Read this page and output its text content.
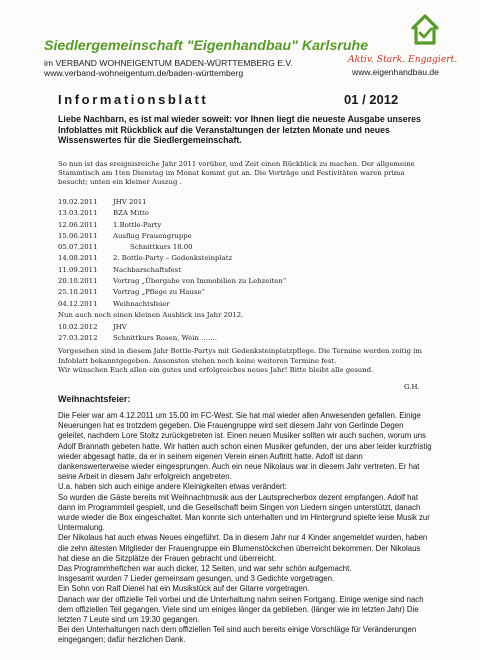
Siedlergemeinschaft "Eigenhandbau" Karlsruhe
im VERBAND WOHNEIGENTUM BADEN-WÜRTTEMBERG E.V.
www.verband-wohneigentum.de/baden-württemberg
Aktiv. Stark. Engagiert.
www.eigenhandbau.de
Informationsblatt	01 / 2012
Liebe Nachbarn, es ist mal wieder soweit: vor Ihnen liegt die neueste Ausgabe unseres Infoblattes mit Rückblick auf die Veranstaltungen der letzten Monate und neues Wissenswertes für die Siedlergemeinschaft.
So nun ist das ereignisreiche Jahr 2011 vorüber, und Zeit einen Rückblick zu machen. Der allgemeine Stammtisch am 1ten Dienstag im Monat kommt gut an. Die Vorträge und Festivitäten waren prima besucht; unten ein kleiner Auszug .
19.02.2011 JHV 2011
13.03.2011 BZA Mitte
12.06.2011 1.Bottle-Party
15.06.2011 Ausflug Frauengruppe
05.07.2011	Schnittkurs 18.00
14.08.2011 2. Bottle-Party – Gedenksteinplatz
11.09.2011 Nachbarschaftsfest
20.10.2011 Vortrag „Übergabe von Immobilien zu Lebzeiten“
25.10.2011 Vortrag „Pflege zu Hause“
04.12.2011 Weihnachtsfeier
Nun auch noch einen kleinen Ausblick ins Jahr 2012.
10.02.2012 JHV
27.03.2012 Schnittkurs Rosen, Wein …….
Vorgesehen sind in diesem Jahr Bottle-Partys mit Gedenksteinplatzpflege. Die Termine werden zeitig im Infoblatt bekanntgegeben. Ansonsten stehen noch keine weiteren Termine fest.
Wir wünschen Euch allen ein gutes und erfolgreiches neues Jahr! Bitte bleibt alle gesund.
G.H.
Weihnachtsfeier:

Die Feier war am 4.12.2011 um 15.00 im FC-West. Sie hat mal wieder allen Anwesenden gefallen. Einige Neuerungen hat es trotzdem gegeben. Die Frauengruppe wird seit diesem Jahr von Gerlinde Degen geleitet, nachdem Lore Stoltz zurückgetreten ist. Einen neuen Musiker sollten wir auch suchen, worum uns Adolf Brannath gebeten hatte. Wir hatten auch schon einen Musiker gefunden, der uns aber leider kurzfristig wieder abgesagt hatte, da er in seinem eigenen Verein einen Auftritt hatte. Adolf ist dann dankenswerterweise wieder eingesprungen. Auch ein neue Nikolaus war in diesem Jahr vertreten. Er hat seine Arbeit in diesem Jahr erfolgreich angetreten.

U.a. haben sich auch einige andere Kleinigkeiten etwas verändert:

So wurden die Gäste bereits mit Weihnachtmusik aus der Lautsprecherbox dezent empfangen. Adolf hat dann im Programmteil gespielt, und die Gesellschaft beim Singen von Liedern singen unterstützt, danach wurde wieder die Box eingeschaltet. Man konnte sich unterhalten und im Hintergrund spielte leise Musik zur Untermalung.

Der Nikolaus hat auch etwas Neues eingeführt. Da in diesem Jahr nur 4 Kinder angemeldet wurden, haben die zehn ältesten Mitglieder der Frauengruppe ein Blumenstöckchen überreicht bekommen. Der Nikolaus hat diese an die Sitzplätze der Frauen gebracht und überreicht.

Das Programmheftchen war auch dicker, 12 Seiten, und war sehr schön aufgemacht.

Insgesamt wurden 7 Lieder gemeinsam gesungen, und 3 Gedichte vorgetragen.

Ein Sohn von Ralf Dienel hat ein Musikstück auf der Gitarre vorgetragen.

Danach war der offizielle Teil vorbei und die Unterhaltung nahm seinen Fortgang. Einige wenige sind nach dem offiziellen Teil gegangen. Viele sind um einiges länger da geblieben. (länger wie im letzten Jahr) Die letzten 7 Leute sind um 19:30 gegangen.

Bei den Unterhaltungen nach dem offiziellen Teil sind auch bereits einige Vorschläge für Veränderungen eingegangen; dafür herzlichen Dank.
